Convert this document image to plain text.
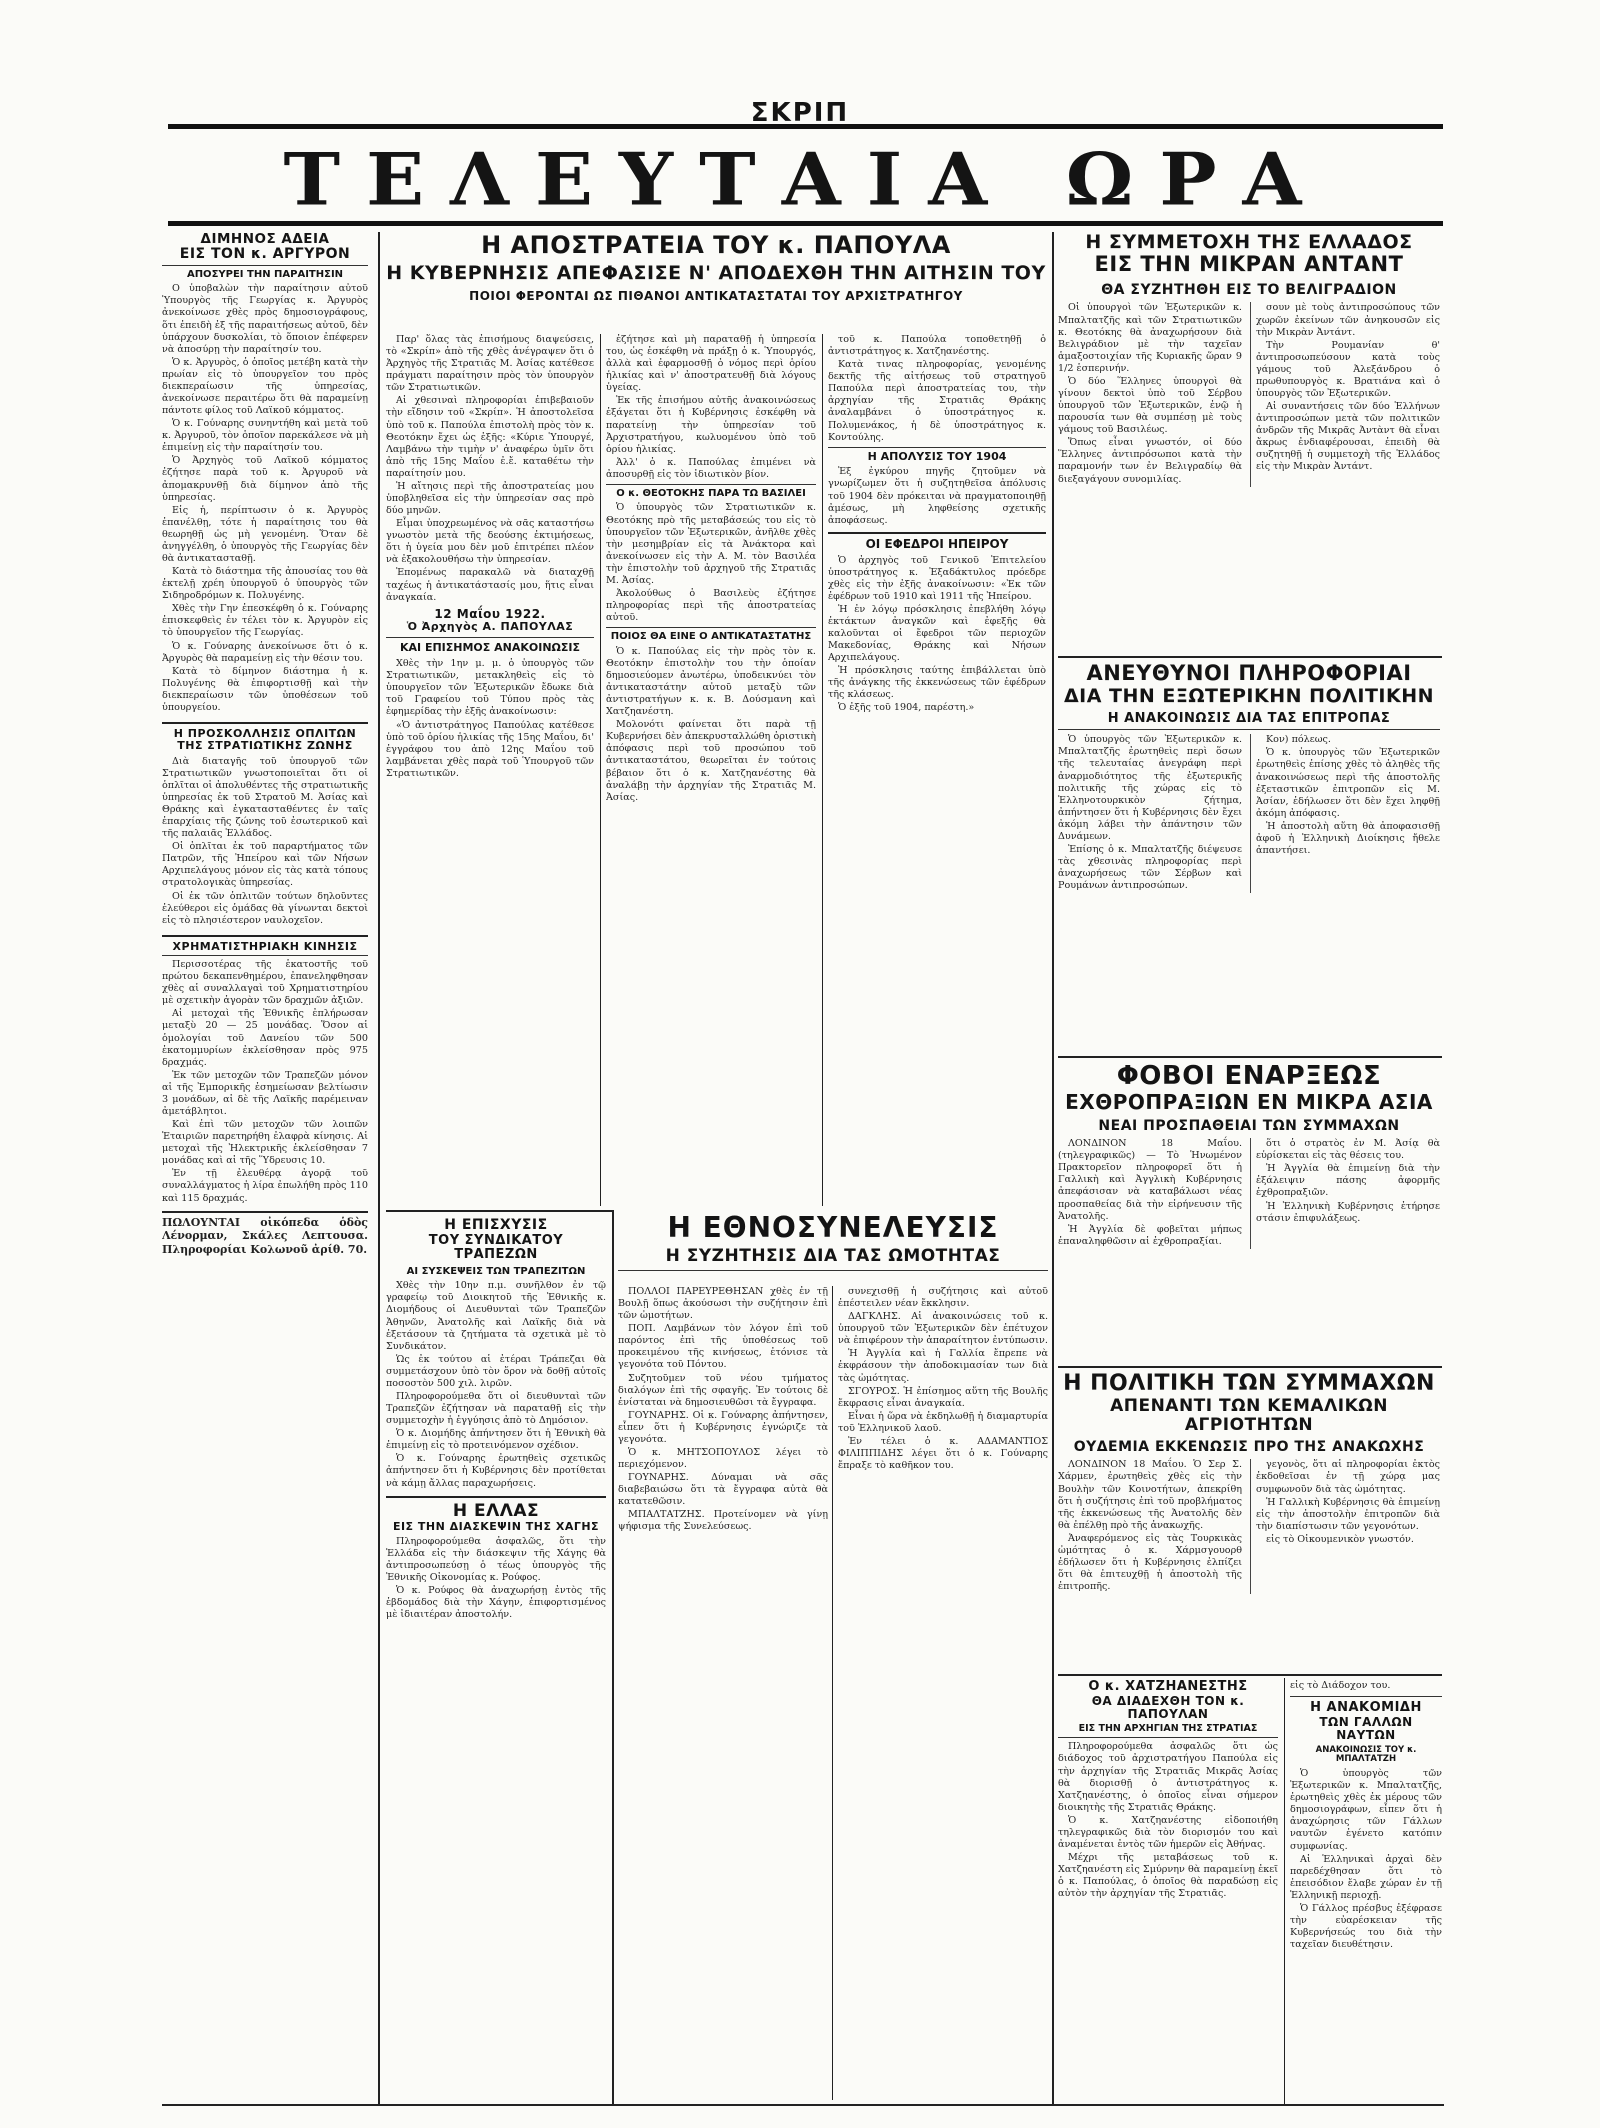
ΣΚΡΙΠ
ΤΕΛΕΥΤΑΙΑ ΩΡΑ
ΔΙΜΗΝΟΣ ΑΔΕΙΑ
ΕΙΣ ΤΟΝ κ. ΑΡΓΥΡΟΝ
ΑΠΟΣΥΡΕΙ ΤΗΝ ΠΑΡΑΙΤΗΣΙΝ

Ο ὑποβαλὼν τὴν παραίτησιν αὐτοῦ Ὑπουργὸς τῆς Γεωργίας κ. Ἀργυρὸς ἀνεκοίνωσε χθὲς πρὸς δημοσιογράφους, ὅτι ἐπειδὴ ἐξ τῆς παραιτήσεως αὐτοῦ, δὲν ὑπάρχουν δυσκολίαι, τὸ ὅποιον ἐπέφερεν νὰ ἀποσύρῃ τὴν παραίτησίν του.

Ὁ κ. Ἀργυρὸς, ὁ ὁποῖος μετέβη κατὰ τὴν πρωίαν εἰς τὸ ὑπουργεῖον του πρὸς διεκπεραίωσιν τῆς ὑπηρεσίας, ἀνεκοίνωσε περαιτέρω ὅτι θὰ παραμείνῃ πάντοτε φίλος τοῦ Λαϊκοῦ κόμματος.

Ὁ κ. Γούναρης συνηντήθη καὶ μετὰ τοῦ κ. Ἀργυροῦ, τὸν ὁποῖον παρεκάλεσε νὰ μὴ ἐπιμείνῃ εἰς τὴν παραίτησίν του.

Ὁ Ἀρχηγὸς τοῦ Λαϊκοῦ κόμματος ἐζήτησε παρὰ τοῦ κ. Ἀργυροῦ νὰ ἀπομακρυνθῇ διὰ δίμηνον ἀπὸ τῆς ὑπηρεσίας.

Εἰς ἡ, περίπτωσιν ὁ κ. Ἀργυρὸς ἐπανέλθῃ, τότε ἡ παραίτησις του θὰ θεωρηθῇ ὡς μὴ γενομένη. Ὅταν δὲ ἀνηγγέλθη, ὁ ὑπουργὸς τῆς Γεωργίας δὲν θὰ ἀντικατασταθῇ.

Κατὰ τὸ διάστημα τῆς ἀπουσίας του θὰ ἐκτελῇ χρέη ὑπουργοῦ ὁ ὑπουργὸς τῶν Σιδηροδρόμων κ. Πολυγένης.

Χθὲς τὴν Γην ἐπεσκέφθη ὁ κ. Γούναρης ἐπισκεφθεὶς ἐν τέλει τὸν κ. Ἀργυρὸν εἰς τὸ ὑπουργεῖον τῆς Γεωργίας.

Ὁ κ. Γούναρης ἀνεκοίνωσε ὅτι ὁ κ. Ἀργυρὸς θὰ παραμείνῃ εἰς τὴν θέσιν του.

Κατὰ τὸ δίμηνον διάστημα ἡ κ. Πολυγένης θὰ ἐπιφορτισθῇ καὶ τὴν διεκπεραίωσιν τῶν ὑποθέσεων τοῦ ὑπουργείου.

Η ΠΡΟΣΚΟΛΛΗΣΙΣ ΟΠΛΙΤΩΝ
ΤΗΣ ΣΤΡΑΤΙΩΤΙΚΗΣ ΖΩΝΗΣ

Διὰ διαταγῆς τοῦ ὑπουργοῦ τῶν Στρατιωτικῶν γνωστοποιεῖται ὅτι οἱ ὁπλῖται οἱ ἀπολυθέντες τῆς στρατιωτικῆς ὑπηρεσίας ἐκ τοῦ Στρατοῦ Μ. Ἀσίας καὶ Θράκης καὶ ἐγκατασταθέντες ἐν ταῖς ἐπαρχίαις τῆς ζώνης τοῦ ἐσωτερικοῦ καὶ τῆς παλαιᾶς Ἑλλάδος.

Οἱ ὁπλῖται ἐκ τοῦ παραρτήματος τῶν Πατρῶν, τῆς Ἠπείρου καὶ τῶν Νήσων Αρχιπελάγους μόνον εἰς τὰς κατὰ τόπους στρατολογικὰς ὑπηρεσίας.

Οἱ ἐκ τῶν ὁπλιτῶν τούτων δηλοῦντες ἐλεύθεροι εἰς ὁμάδας θὰ γίνωνται δεκτοὶ εἰς τὸ πλησιέστερον ναυλοχεῖον.

ΧΡΗΜΑΤΙΣΤΗΡΙΑΚΗ ΚΙΝΗΣΙΣ

Περισσοτέρας τῆς ἑκατοστῆς τοῦ πρώτου δεκαπενθημέρου, ἐπανεληφθησαν χθὲς αἱ συναλλαγαὶ τοῦ Χρηματιστηρίου μὲ σχετικὴν ἀγορὰν τῶν δραχμῶν ἀξιῶν.

Αἱ μετοχαὶ τῆς Ἐθνικῆς ἐπλήρωσαν μεταξὺ 20 — 25 μονάδας. Ὅσον αἱ ὁμολογίαι τοῦ Δανείου τῶν 500 ἑκατομμυρίων ἐκλείσθησαν πρὸς 975 δραχμάς.

Ἐκ τῶν μετοχῶν τῶν Τραπεζῶν μόνον αἱ τῆς Ἐμπορικῆς ἐσημείωσαν βελτίωσιν 3 μονάδων, αἱ δὲ τῆς Λαϊκῆς παρέμειναν ἀμετάβλητοι.

Καὶ ἐπὶ τῶν μετοχῶν τῶν λοιπῶν Ἑταιριῶν παρετηρήθη ἐλαφρὰ κίνησις. Αἱ μετοχαὶ τῆς Ἠλεκτρικῆς ἐκλείσθησαν 7 μονάδας καὶ αἱ τῆς Ὕδρευσις 10.

Ἐν τῇ ἐλευθέρᾳ ἀγορᾷ τοῦ συναλλάγματος ἡ λίρα ἐπωλήθη πρὸς 110 καὶ 115 δραχμάς.

ΠΩΛΟΥΝΤΑΙ οἰκόπεδα ὁδὸς Λένορμαν, Σκάλες Λεπτουσα. Πληροφορίαι Κολωνοῦ ἀρίθ. 70.
Η ΑΠΟΣΤΡΑΤΕΙΑ ΤΟΥ κ. ΠΑΠΟΥΛΑ
Η ΚΥΒΕΡΝΗΣΙΣ ΑΠΕΦΑΣΙΣΕ Ν' ΑΠΟΔΕΧΘΗ ΤΗΝ ΑΙΤΗΣΙΝ ΤΟΥ
ΠΟΙΟΙ ΦΕΡΟΝΤΑΙ ΩΣ ΠΙΘΑΝΟΙ ΑΝΤΙΚΑΤΑΣΤΑΤΑΙ ΤΟΥ ΑΡΧΙΣΤΡΑΤΗΓΟΥ

Παρ' ὅλας τὰς ἐπισήμους διαψεύσεις, τὸ «Σκρίπ» ἀπὸ τῆς χθὲς ἀνέγραψεν ὅτι ὁ Ἀρχηγὸς τῆς Στρατιᾶς Μ. Ἀσίας κατέθεσε πράγματι παραίτησιν πρὸς τὸν ὑπουργὸν τῶν Στρατιωτικῶν.

Αἱ χθεσιναὶ πληροφορίαι ἐπιβεβαιοῦν τὴν εἴδησιν τοῦ «Σκρίπ». Ἡ ἀποστολεῖσα ὑπὸ τοῦ κ. Παπούλα ἐπιστολὴ πρὸς τὸν κ. Θεοτόκην ἔχει ὡς ἑξῆς: «Κύριε Ὑπουργέ, Λαμβάνω τὴν τιμὴν ν' ἀναφέρω ὑμῖν ὅτι ἀπὸ τῆς 15ης Μαΐου ἐ.ἔ. καταθέτω τὴν παραίτησίν μου.

Ἡ αἴτησις περὶ τῆς ἀποστρατείας μου ὑποβληθεῖσα εἰς τὴν ὑπηρεσίαν σας πρὸ δύο μηνῶν.

Εἶμαι ὑποχρεωμένος νὰ σᾶς καταστήσω γνωστὸν μετὰ τῆς δεούσης ἐκτιμήσεως, ὅτι ἡ ὑγεία μου δὲν μοῦ ἐπιτρέπει πλέον νὰ ἐξακολουθήσω τὴν ὑπηρεσίαν.

Ἐπομένως παρακαλῶ νὰ διαταχθῇ ταχέως ἡ ἀντικατάστασίς μου, ἥτις εἶναι ἀναγκαία.

12 Μαΐου 1922.
Ὁ Ἀρχηγὸς Α. ΠΑΠΟΥΛΑΣ
ΚΑΙ ΕΠΙΣΗΜΟΣ ΑΝΑΚΟΙΝΩΣΙΣ

Χθὲς τὴν 1ην μ. μ. ὁ ὑπουργὸς τῶν Στρατιωτικῶν, μετακληθεὶς εἰς τὸ ὑπουργεῖον τῶν Ἐξωτερικῶν ἔδωκε διὰ τοῦ Γραφείου τοῦ Τύπου πρὸς τὰς ἐφημερίδας τὴν ἑξῆς ἀνακοίνωσιν:

«Ὁ ἀντιστράτηγος Παπούλας κατέθεσε ὑπὸ τοῦ ὁρίου ἡλικίας τῆς 15ης Μαΐου, δι' ἐγγράφου του ἀπὸ 12ης Μαΐου τοῦ λαμβάνεται χθὲς παρὰ τοῦ Ὑπουργοῦ τῶν Στρατιωτικῶν.

ἐζήτησε καὶ μὴ παραταθῇ ἡ ὑπηρεσία του, ὡς ἐσκέφθη νὰ πράξῃ ὁ κ. Ὑπουργός, ἀλλὰ καὶ ἐφαρμοσθῇ ὁ νόμος περὶ ὁρίου ἡλικίας καὶ ν' ἀποστρατευθῇ διὰ λόγους ὑγείας.

Ἐκ τῆς ἐπισήμου αὐτῆς ἀνακοινώσεως ἐξάγεται ὅτι ἡ Κυβέρνησις ἐσκέφθη νὰ παρατείνῃ τὴν ὑπηρεσίαν τοῦ Ἀρχιστρατήγου, κωλυομένου ὑπὸ τοῦ ὁρίου ἡλικίας.

Ἀλλ' ὁ κ. Παπούλας ἐπιμένει νὰ ἀποσυρθῇ εἰς τὸν ἰδιωτικὸν βίον.

Ο κ. ΘΕΟΤΟΚΗΣ ΠΑΡΑ ΤΩ ΒΑΣΙΛΕΙ

Ὁ ὑπουργὸς τῶν Στρατιωτικῶν κ. Θεοτόκης πρὸ τῆς μεταβάσεώς του εἰς τὸ ὑπουργεῖον τῶν Ἐξωτερικῶν, ἀνῆλθε χθὲς τὴν μεσημβρίαν εἰς τὰ Ἀνάκτορα καὶ ἀνεκοίνωσεν εἰς τὴν Α. Μ. τὸν Βασιλέα τὴν ἐπιστολὴν τοῦ ἀρχηγοῦ τῆς Στρατιᾶς Μ. Ἀσίας.

Ἀκολούθως ὁ Βασιλεὺς ἐζήτησε πληροφορίας περὶ τῆς ἀποστρατείας αὐτοῦ.

ΠΟΙΟΣ ΘΑ ΕΙΝΕ Ο ΑΝΤΙΚΑΤΑΣΤΑΤΗΣ

Ὁ κ. Παπούλας εἰς τὴν πρὸς τὸν κ. Θεοτόκην ἐπιστολὴν του τὴν ὁποίαν δημοσιεύομεν ἀνωτέρω, ὑποδεικνύει τὸν ἀντικαταστάτην αὐτοῦ μεταξὺ τῶν ἀντιστρατήγων κ. κ. Β. Δούσμανη καὶ Χατζηανέστη.

Μολονότι φαίνεται ὅτι παρὰ τῇ Κυβερνήσει δὲν ἀπεκρυσταλλώθη ὁριστικὴ ἀπόφασις περὶ τοῦ προσώπου τοῦ ἀντικαταστάτου, θεωρεῖται ἐν τούτοις βέβαιον ὅτι ὁ κ. Χατζηανέστης θὰ ἀναλάβῃ τὴν ἀρχηγίαν τῆς Στρατιᾶς Μ. Ἀσίας.

τοῦ κ. Παπούλα τοποθετηθῇ ὁ ἀντιστράτηγος κ. Χατζηανέστης.

Κατὰ τινας πληροφορίας, γενομένης δεκτῆς τῆς αἰτήσεως τοῦ στρατηγοῦ Παπούλα περὶ ἀποστρατείας του, τὴν ἀρχηγίαν τῆς Στρατιᾶς Θράκης ἀναλαμβάνει ὁ ὑποστράτηγος κ. Πολυμενάκος, ἡ δὲ ὑποστράτηγος κ. Κοντούλης.

Η ΑΠΟΛΥΣΙΣ ΤΟΥ 1904

Ἐξ ἐγκύρου πηγῆς ζητοῦμεν νὰ γνωρίζωμεν ὅτι ἡ συζητηθεῖσα ἀπόλυσις τοῦ 1904 δὲν πρόκειται νὰ πραγματοποιηθῇ ἀμέσως, μὴ ληφθείσης σχετικῆς ἀποφάσεως.

ΟΙ ΕΦΕΔΡΟΙ ΗΠΕΙΡΟΥ

Ὁ ἀρχηγὸς τοῦ Γενικοῦ Ἐπιτελείου ὑποστράτηγος κ. Ἐξαδάκτυλος πρόεδρε χθὲς εἰς τὴν ἐξῆς ἀνακοίνωσιν: «Ἐκ τῶν ἐφέδρων τοῦ 1910 καὶ 1911 τῆς Ἠπείρου.

Ἡ ἐν λόγῳ πρόσκλησις ἐπεβλήθη λόγῳ ἐκτάκτων ἀναγκῶν καὶ ἐφεξῆς θὰ καλοῦνται οἱ ἔφεδροι τῶν περιοχῶν Μακεδονίας, Θράκης καὶ Νήσων Αρχιπελάγους.

Ἡ πρόσκλησις ταύτης ἐπιβάλλεται ὑπὸ τῆς ἀνάγκης τῆς ἐκκενώσεως τῶν ἐφέδρων τῆς κλάσεως.

Ὁ ἐξῆς τοῦ 1904, παρέστη.»

Η ΕΠΙΣΧΥΣΙΣ
ΤΟΥ ΣΥΝΔΙΚΑΤΟΥ ΤΡΑΠΕΖΩΝ
ΑΙ ΣΥΣΚΕΨΕΙΣ ΤΩΝ ΤΡΑΠΕΖΙΤΩΝ

Χθὲς τὴν 10ην π.μ. συνῆλθον ἐν τῷ γραφείῳ τοῦ Διοικητοῦ τῆς Ἐθνικῆς κ. Διομήδους οἱ Διευθυνταὶ τῶν Τραπεζῶν Ἀθηνῶν, Ἀνατολῆς καὶ Λαϊκῆς διὰ νὰ ἐξετάσουν τὰ ζητήματα τὰ σχετικὰ μὲ τὸ Συνδικάτον.

Ὡς ἐκ τούτου αἱ ἐτέραι Τράπεζαι θὰ συμμετάσχουν ὑπὸ τὸν ὅρον νὰ δοθῇ αὐτοῖς ποσοστὸν 500 χιλ. λιρῶν.

Πληροφορούμεθα ὅτι οἱ διευθυνταὶ τῶν Τραπεζῶν ἐζήτησαν νὰ παραταθῇ εἰς τὴν συμμετοχὴν ἡ ἐγγύησις ἀπὸ τὸ Δημόσιον.

Ὁ κ. Διομήδης ἀπήντησεν ὅτι ἡ Ἐθνικὴ θὰ ἐπιμείνῃ εἰς τὸ προτεινόμενον σχέδιον.

Ὁ κ. Γούναρης ἐρωτηθεὶς σχετικῶς ἀπήντησεν ὅτι ἡ Κυβέρνησις δὲν προτίθεται νὰ κάμῃ ἄλλας παραχωρήσεις.

Η ΕΛΛΑΣ
ΕΙΣ ΤΗΝ ΔΙΑΣΚΕΨΙΝ ΤΗΣ ΧΑΓΗΣ

Πληροφορούμεθα ἀσφαλῶς, ὅτι τὴν Ἑλλάδα εἰς τὴν διάσκεψιν τῆς Χάγης θὰ ἀντιπροσωπεύσῃ ὁ τέως ὑπουργὸς τῆς Ἐθνικῆς Οἰκονομίας κ. Ρούφος.

Ὁ κ. Ρούφος θὰ ἀναχωρήσῃ ἐντὸς τῆς ἑβδομάδος διὰ τὴν Χάγην, ἐπιφορτισμένος μὲ ἰδιαιτέραν ἀποστολήν.

Η ΕΘΝΟΣΥΝΕΛΕΥΣΙΣ
Η ΣΥΖΗΤΗΣΙΣ ΔΙΑ ΤΑΣ ΩΜΟΤΗΤΑΣ

ΠΟΛΛΟΙ ΠΑΡΕΥΡΕΘΗΣΑΝ χθὲς ἐν τῇ Βουλῇ ὅπως ἀκούσωσι τὴν συζήτησιν ἐπὶ τῶν ὠμοτήτων.

ΠΟΠ. Λαμβάνων τὸν λόγον ἐπὶ τοῦ παρόντος ἐπὶ τῆς ὑποθέσεως τοῦ προκειμένου τῆς κινήσεως, ἐτόνισε τὰ γεγονότα τοῦ Πόντου.

Συζητοῦμεν τοῦ νέου τμήματος διαλόγων ἐπὶ τῆς σφαγῆς. Ἐν τούτοις δὲ ἐνίσταται νὰ δημοσιευθῶσι τὰ ἔγγραφα.

ΓΟΥΝΑΡΗΣ. Οἱ κ. Γούναρης ἀπήντησεν, εἶπεν ὅτι ἡ Κυβέρνησις ἐγνώριζε τὰ γεγονότα.

Ὁ κ. ΜΗΤΣΟΠΟΥΛΟΣ λέγει τὸ περιεχόμενον.

ΓΟΥΝΑΡΗΣ. Δύναμαι νὰ σᾶς διαβεβαιώσω ὅτι τὰ ἔγγραφα αὐτὰ θὰ κατατεθῶσιν.

ΜΠΑΛΤΑΤΖΗΣ. Προτείνομεν νὰ γίνῃ ψήφισμα τῆς Συνελεύσεως.

συνεχισθῇ ἡ συζήτησις καὶ αὐτοῦ ἐπέστειλεν νέαν ἔκκλησιν.

ΔΑΓΚΛΗΣ. Αἱ ἀνακοινώσεις τοῦ κ. ὑπουργοῦ τῶν Ἐξωτερικῶν δὲν ἐπέτυχον νὰ ἐπιφέρουν τὴν ἀπαραίτητον ἐντύπωσιν.

Ἡ Ἀγγλία καὶ ἡ Γαλλία ἔπρεπε νὰ ἐκφράσουν τὴν ἀποδοκιμασίαν των διὰ τὰς ὠμότητας.

ΣΓΟΥΡΟΣ. Ἡ ἐπίσημος αὕτη τῆς Βουλῆς ἔκφρασις εἶναι ἀναγκαία.

Εἶναι ἡ ὥρα νὰ ἐκδηλωθῇ ἡ διαμαρτυρία τοῦ Ἑλληνικοῦ λαοῦ.

Ἐν τέλει ὁ κ. ΑΔΑΜΑΝΤΙΟΣ ΦΙΛΙΠΠΙΔΗΣ λέγει ὅτι ὁ κ. Γούναρης ἔπραξε τὸ καθῆκον του.

Η ΣΥΜΜΕΤΟΧΗ ΤΗΣ ΕΛΛΑΔΟΣ
ΕΙΣ ΤΗΝ ΜΙΚΡΑΝ ΑΝΤΑΝΤ
ΘΑ ΣΥΖΗΤΗΘΗ ΕΙΣ ΤΟ ΒΕΛΙΓΡΑΔΙΟΝ

Οἱ ὑπουργοὶ τῶν Ἐξωτερικῶν κ. Μπαλτατζῆς καὶ τῶν Στρατιωτικῶν κ. Θεοτόκης θὰ ἀναχωρήσουν διὰ Βελιγράδιον μὲ τὴν ταχεῖαν ἁμαξοστοιχίαν τῆς Κυριακῆς ὥραν 9 1/2 ἑσπερινήν.

Ὁ δύο Ἕλληνες ὑπουργοὶ θὰ γίνουν δεκτοὶ ὑπὸ τοῦ Σέρβου ὑπουργοῦ τῶν Ἐξωτερικῶν, ἐνῷ ἡ παρουσία των θὰ συμπέσῃ μὲ τοὺς γάμους τοῦ Βασιλέως.

Ὅπως εἶναι γνωστόν, οἱ δύο Ἕλληνες ἀντιπρόσωποι κατὰ τὴν παραμονήν των ἐν Βελιγραδίῳ θὰ διεξαγάγουν συνομιλίας.

σουν μὲ τοὺς ἀντιπροσώπους τῶν χωρῶν ἐκείνων τῶν ἀνηκουσῶν εἰς τὴν Μικρὰν Ἀντάντ.

Τὴν Ρουμανίαν θ' ἀντιπροσωπεύσουν κατὰ τοὺς γάμους τοῦ Ἀλεξάνδρου ὁ πρωθυπουργὸς κ. Βρατιάνα καὶ ὁ ὑπουργὸς τῶν Ἐξωτερικῶν.

Αἱ συναντήσεις τῶν δύο Ἑλλήνων ἀντιπροσώπων μετὰ τῶν πολιτικῶν ἀνδρῶν τῆς Μικρᾶς Ἀντὰντ θὰ εἶναι ἄκρως ἐνδιαφέρουσαι, ἐπειδὴ θὰ συζητηθῇ ἡ συμμετοχὴ τῆς Ἑλλάδος εἰς τὴν Μικρὰν Ἀντάντ.

ΑΝΕΥΘΥΝΟΙ ΠΛΗΡΟΦΟΡΙΑΙ
ΔΙΑ ΤΗΝ ΕΞΩΤΕΡΙΚΗΝ ΠΟΛΙΤΙΚΗΝ
Η ΑΝΑΚΟΙΝΩΣΙΣ ΔΙΑ ΤΑΣ ΕΠΙΤΡΟΠΑΣ

Ὁ ὑπουργὸς τῶν Ἐξωτερικῶν κ. Μπαλτατζῆς ἐρωτηθεὶς περὶ ὅσων τῆς τελευταίας ἀνεγράφη περὶ ἀναρμοδιότητος τῆς ἐξωτερικῆς πολιτικῆς τῆς χώρας εἰς τὸ Ἑλληνοτουρκικὸν ζήτημα, ἀπήντησεν ὅτι ἡ Κυβέρνησις δὲν ἔχει ἀκόμη λάβει τὴν ἀπάντησιν τῶν Δυνάμεων.

Ἐπίσης ὁ κ. Μπαλτατζῆς διέψευσε τὰς χθεσινὰς πληροφορίας περὶ ἀναχωρήσεως τῶν Σέρβων καὶ Ρουμάνων ἀντιπροσώπων.

Κον) πόλεως.

Ὁ κ. ὑπουργὸς τῶν Ἐξωτερικῶν ἐρωτηθεὶς ἐπίσης χθὲς τὸ ἀληθὲς τῆς ἀνακοινώσεως περὶ τῆς ἀποστολῆς ἐξεταστικῶν ἐπιτροπῶν εἰς Μ. Ἀσίαν, ἐδήλωσεν ὅτι δὲν ἔχει ληφθῇ ἀκόμη ἀπόφασις.

Ἡ ἀποστολὴ αὕτη θὰ ἀποφασισθῇ ἀφοῦ ἡ Ἑλληνικὴ Διοίκησις ἤθελε ἀπαντήσει.

ΦΟΒΟΙ ΕΝΑΡΞΕΩΣ
ΕΧΘΡΟΠΡΑΞΙΩΝ ΕΝ ΜΙΚΡΑ ΑΣΙΑ
ΝΕΑΙ ΠΡΟΣΠΑΘΕΙΑΙ ΤΩΝ ΣΥΜΜΑΧΩΝ

ΛΟΝΔΙΝΟΝ 18 Μαΐου. (τηλεγραφικῶς) — Τὸ Ἡνωμένον Πρακτορεῖον πληροφορεῖ ὅτι ἡ Γαλλικὴ καὶ Ἀγγλικὴ Κυβέρνησις ἀπεφάσισαν νὰ καταβάλωσι νέας προσπαθείας διὰ τὴν εἰρήνευσιν τῆς Ἀνατολῆς.

Ἡ Ἀγγλία δὲ φοβεῖται μήπως ἐπαναληφθῶσιν αἱ ἐχθροπραξίαι.

ὅτι ὁ στρατὸς ἐν Μ. Ἀσίᾳ θὰ εὑρίσκεται εἰς τὰς θέσεις του.

Ἡ Ἀγγλία θὰ ἐπιμείνῃ διὰ τὴν ἐξάλειψιν πάσης ἀφορμῆς ἐχθροπραξιῶν.

Ἡ Ἑλληνικὴ Κυβέρνησις ἐτήρησε στάσιν ἐπιφυλάξεως.

Η ΠΟΛΙΤΙΚΗ ΤΩΝ ΣΥΜΜΑΧΩΝ
ΑΠΕΝΑΝΤΙ ΤΩΝ ΚΕΜΑΛΙΚΩΝ ΑΓΡΙΟΤΗΤΩΝ
ΟΥΔΕΜΙΑ ΕΚΚΕΝΩΣΙΣ ΠΡΟ ΤΗΣ ΑΝΑΚΩΧΗΣ

ΛΟΝΔΙΝΟΝ 18 Μαΐου. Ὁ Σερ Σ. Χάρμεν, ἐρωτηθεὶς χθὲς εἰς τὴν Βουλὴν τῶν Κοινοτήτων, ἀπεκρίθη ὅτι ἡ συζήτησις ἐπὶ τοῦ προβλήματος τῆς ἐκκενώσεως τῆς Ἀνατολῆς δὲν θὰ ἐπέλθῃ πρὸ τῆς ἀνακωχῆς.

Ἀναφερόμενος εἰς τὰς Τουρκικὰς ὠμότητας ὁ κ. Χάρμσγουορθ ἐδήλωσεν ὅτι ἡ Κυβέρνησις ἐλπίζει ὅτι θὰ ἐπιτευχθῇ ἡ ἀποστολὴ τῆς ἐπιτροπῆς.

γεγονὸς, ὅτι αἱ πληροφορίαι ἐκτὸς ἐκδοθεῖσαι ἐν τῇ χώρᾳ μας συμφωνοῦν διὰ τὰς ὠμότητας.

Ἡ Γαλλικὴ Κυβέρνησις θὰ ἐπιμείνῃ εἰς τὴν ἀποστολὴν ἐπιτροπῶν διὰ τὴν διαπίστωσιν τῶν γεγονότων.

εἰς τὸ Οἰκουμενικὸν γνωστόν.

Ο κ. ΧΑΤΖΗΑΝΕΣΤΗΣ
ΘΑ ΔΙΑΔΕΧΘΗ ΤΟΝ κ. ΠΑΠΟΥΛΑΝ
ΕΙΣ ΤΗΝ ΑΡΧΗΓΙΑΝ ΤΗΣ ΣΤΡΑΤΙΑΣ

Πληροφορούμεθα ἀσφαλῶς ὅτι ὡς διάδοχος τοῦ ἀρχιστρατήγου Παπούλα εἰς τὴν ἀρχηγίαν τῆς Στρατιᾶς Μικρᾶς Ἀσίας θὰ διορισθῇ ὁ ἀντιστράτηγος κ. Χατζηανέστης, ὁ ὁποῖος εἶναι σήμερον διοικητὴς τῆς Στρατιᾶς Θράκης.

Ὁ κ. Χατζηανέστης εἰδοποιήθη τηλεγραφικῶς διὰ τὸν διορισμόν του καὶ ἀναμένεται ἐντὸς τῶν ἡμερῶν εἰς Ἀθήνας.

Μέχρι τῆς μεταβάσεως τοῦ κ. Χατζηανέστη εἰς Σμύρνην θὰ παραμείνῃ ἐκεῖ ὁ κ. Παπούλας, ὁ ὁποῖος θὰ παραδώσῃ εἰς αὐτὸν τὴν ἀρχηγίαν τῆς Στρατιᾶς.

εἰς τὸ Διάδοχον του.
Η ΑΝΑΚΟΜΙΔΗ
ΤΩΝ ΓΑΛΛΩΝ ΝΑΥΤΩΝ
ΑΝΑΚΟΙΝΩΣΙΣ ΤΟΥ κ. ΜΠΑΛΤΑΤΖΗ

Ὁ ὑπουργὸς τῶν Ἐξωτερικῶν κ. Μπαλτατζῆς, ἐρωτηθεὶς χθὲς ἐκ μέρους τῶν δημοσιογράφων, εἶπεν ὅτι ἡ ἀναχώρησις τῶν Γάλλων ναυτῶν ἐγένετο κατόπιν συμφωνίας.

Αἱ Ἑλληνικαὶ ἀρχαὶ δὲν παρεδέχθησαν ὅτι τὸ ἐπεισόδιον ἔλαβε χώραν ἐν τῇ Ἑλληνικῇ περιοχῇ.

Ὁ Γάλλος πρέσβυς ἐξέφρασε τὴν εὐαρέσκειαν τῆς Κυβερνήσεώς του διὰ τὴν ταχεῖαν διευθέτησιν.
